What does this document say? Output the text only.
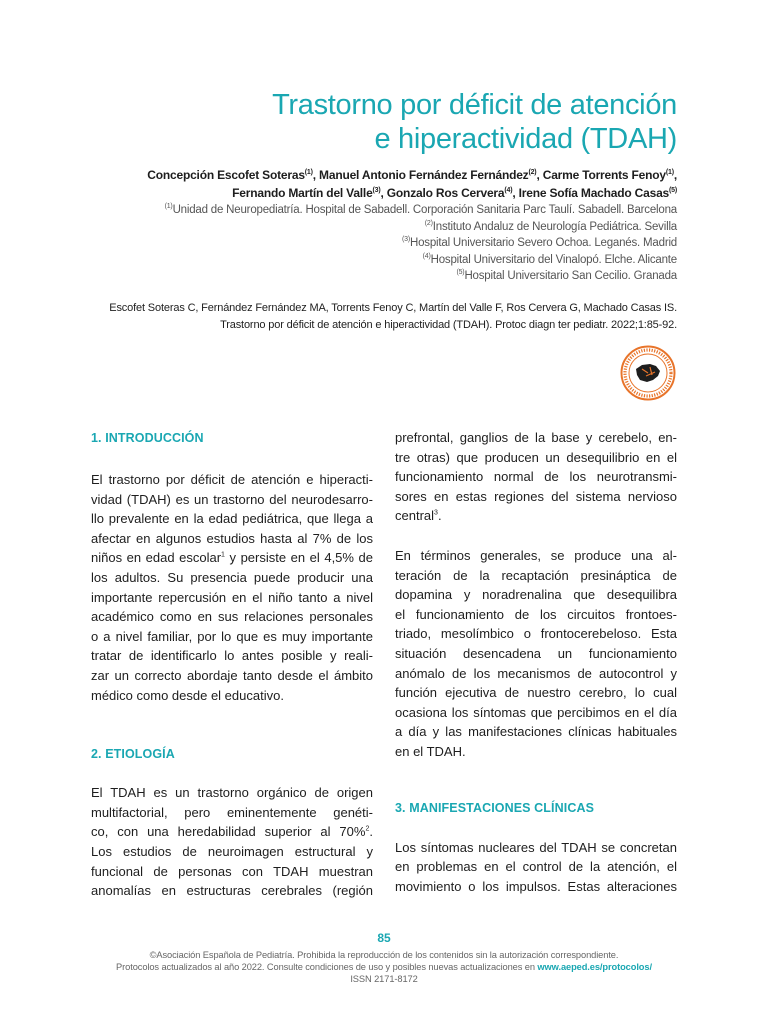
Trastorno por déficit de atención
e hiperactividad (TDAH)
Concepción Escofet Soteras$^{(1)}$, Manuel Antonio Fernández Fernández$^{(2)}$, Carme Torrents Fenoy$^{(1)}$,
Fernando Martín del Valle$^{(3)}$, Gonzalo Ros Cervera$^{(4)}$, Irene Sofía Machado Casas$^{(5)}$
$^{(1)}$Unidad de Neuropediatría. Hospital de Sabadell. Corporación Sanitaria Parc Taulí. Sabadell. Barcelona
$^{(2)}$Instituto Andaluz de Neurología Pediátrica. Sevilla
$^{(3)}$Hospital Universitario Severo Ochoa. Leganés. Madrid
$^{(4)}$Hospital Universitario del Vinalopó. Elche. Alicante
$^{(5)}$Hospital Universitario San Cecilio. Granada
Escofet Soteras C, Fernández Fernández MA, Torrents Fenoy C, Martín del Valle F, Ros Cervera G, Machado Casas IS.
Trastorno por déficit de atención e hiperactividad (TDAH). Protoc diagn ter pediatr. 2022;1:85-92.
1. INTRODUCCIÓN

El trastorno por déficit de atención e hiperacti-
vidad (TDAH) es un trastorno del neurodesarro-
llo prevalente en la edad pediátrica, que llega a
afectar en algunos estudios hasta al 7% de los
niños en edad escolar$^1$ y persiste en el 4,5% de
los adultos. Su presencia puede producir una
importante repercusión en el niño tanto a nivel
académico como en sus relaciones personales
o a nivel familiar, por lo que es muy importante
tratar de identificarlo lo antes posible y reali-
zar un correcto abordaje tanto desde el ámbito
médico como desde el educativo.

2. ETIOLOGÍA

El TDAH es un trastorno orgánico de origen
multifactorial, pero eminentemente genéti-
co, con una heredabilidad superior al 70%$^2$.
Los estudios de neuroimagen estructural y
funcional de personas con TDAH muestran
anomalías en estructuras cerebrales (región

prefrontal, ganglios de la base y cerebelo, en-
tre otras) que producen un desequilibrio en el
funcionamiento normal de los neurotransmi-
sores en estas regiones del sistema nervioso
central$^3$.

En términos generales, se produce una al-
teración de la recaptación presináptica de
dopamina y noradrenalina que desequilibra
el funcionamiento de los circuitos frontoes-
triado, mesolímbico o frontocerebeloso. Esta
situación desencadena un funcionamiento
anómalo de los mecanismos de autocontrol y
función ejecutiva de nuestro cerebro, lo cual
ocasiona los síntomas que percibimos en el día
a día y las manifestaciones clínicas habituales
en el TDAH.

3. MANIFESTACIONES CLÍNICAS

Los síntomas nucleares del TDAH se concretan
en problemas en el control de la atención, el
movimiento o los impulsos. Estas alteraciones

85
©Asociación Española de Pediatría. Prohibida la reproducción de los contenidos sin la autorización correspondiente.
Protocolos actualizados al año 2022. Consulte condiciones de uso y posibles nuevas actualizaciones en www.aeped.es/protocolos/
ISSN 2171-8172
